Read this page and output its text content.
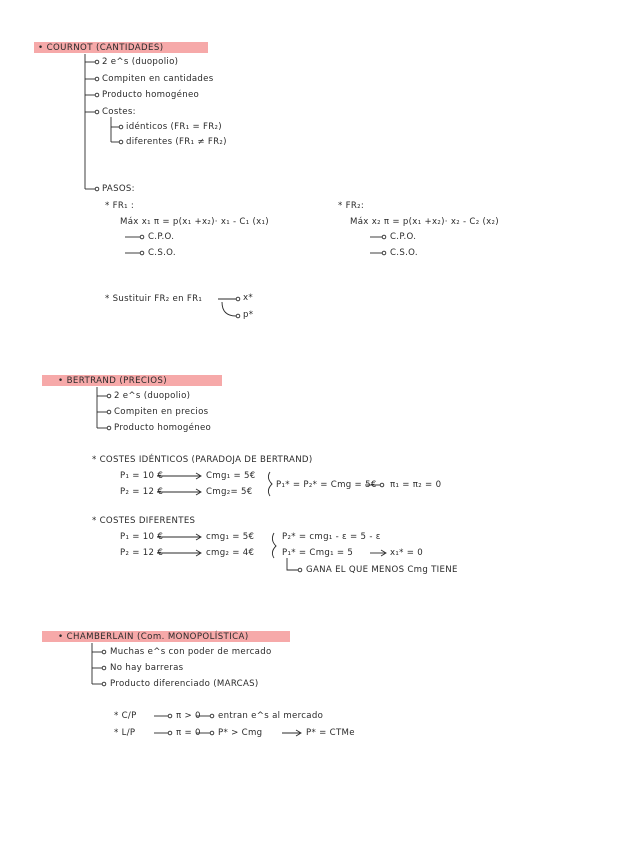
• COURNOT (CANTIDADES)
2 e^s (duopolio)
Compiten en cantidades
Producto homogéneo
Costes:
idénticos (FR₁ = FR₂)
diferentes (FR₁ ≠ FR₂)
PASOS:
* FR₁ :
Máx x₁ π = p(x₁ +x₂)· x₁ - C₁ (x₁)
C.P.O.
C.S.O.
* FR₂:
Máx x₂ π = p(x₁ +x₂)· x₂ - C₂ (x₂)
C.P.O.
C.S.O.
* Sustituir FR₂ en FR₁	x*
p*
• BERTRAND (PRECIOS)
2 e^s (duopolio)
Compiten en precios
Producto homogéneo
* COSTES IDÉNTICOS (PARADOJA DE BERTRAND)
P₁ = 10 €	Cmg₁ = 5€
P₂ = 12 €	Cmg₂= 5€
P₁* = P₂* = Cmg = 5€ π₁ = π₂ = 0
* COSTES DIFERENTES
P₁ = 10 €	cmg₁ = 5€
P₂ = 12 €	cmg₂ = 4€
P₂* = cmg₁ - ε = 5 - ε
P₁* = Cmg₁ = 5	x₁* = 0
GANA EL QUE MENOS Cmg TIENE
• CHAMBERLAIN (Com. MONOPOLÍSTICA)
Muchas e^s con poder de mercado
No hay barreras
Producto diferenciado (MARCAS)
* C/P	π > 0 entran e^s al mercado
* L/P	π = 0 P* > Cmg	P* = CTMe
